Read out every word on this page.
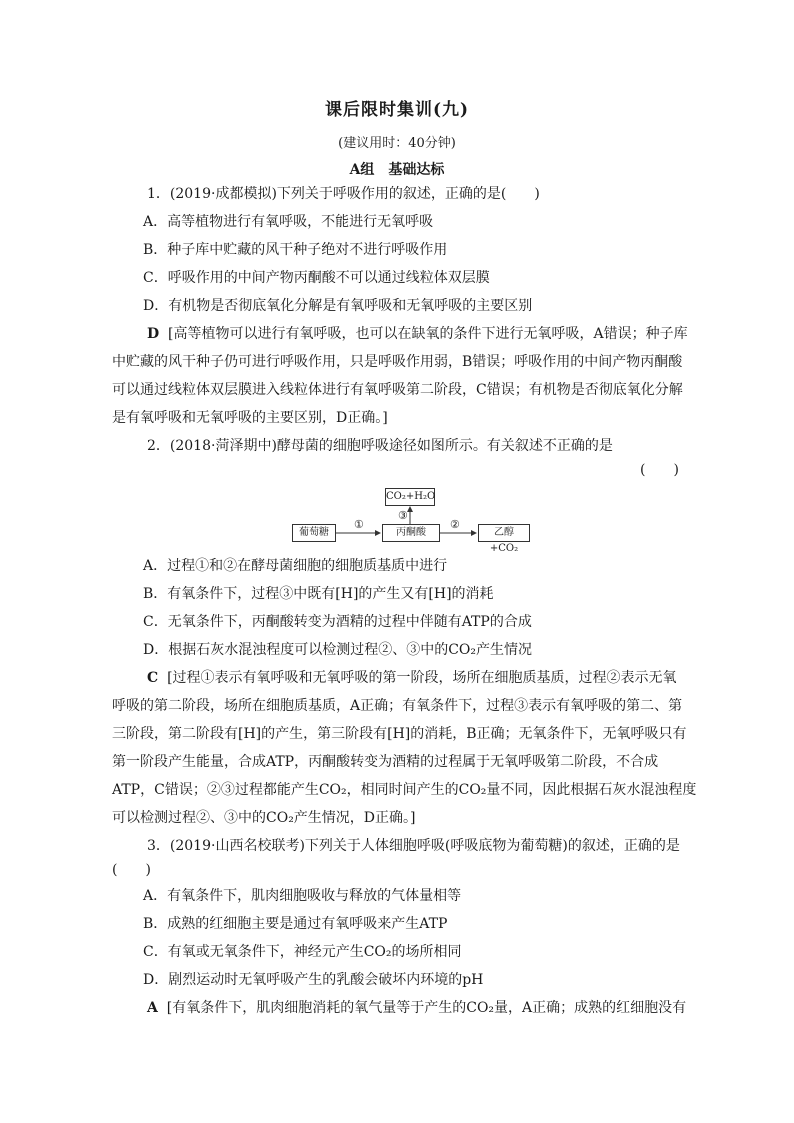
课后限时集训(九)
(建议用时：40分钟)
A组　基础达标
1．(2019·成都模拟)下列关于呼吸作用的叙述，正确的是(　　)
A．高等植物进行有氧呼吸，不能进行无氧呼吸
B．种子库中贮藏的风干种子绝对不进行呼吸作用
C．呼吸作用的中间产物丙酮酸不可以通过线粒体双层膜
D．有机物是否彻底氧化分解是有氧呼吸和无氧呼吸的主要区别
D [高等植物可以进行有氧呼吸，也可以在缺氧的条件下进行无氧呼吸，A错误；种子库
中贮藏的风干种子仍可进行呼吸作用，只是呼吸作用弱，B错误；呼吸作用的中间产物丙酮酸
可以通过线粒体双层膜进入线粒体进行有氧呼吸第二阶段，C错误；有机物是否彻底氧化分解
是有氧呼吸和无氧呼吸的主要区别，D正确。]
2．(2018·菏泽期中)酵母菌的细胞呼吸途径如图所示。有关叙述不正确的是
(　　)
CO₂+H₂O
葡萄糖	丙酮酸	乙醇 +CO₂
①	②
③
A．过程①和②在酵母菌细胞的细胞质基质中进行
B．有氧条件下，过程③中既有[H]的产生又有[H]的消耗
C．无氧条件下，丙酮酸转变为酒精的过程中伴随有ATP的合成
D．根据石灰水混浊程度可以检测过程②、③中的CO₂产生情况
C [过程①表示有氧呼吸和无氧呼吸的第一阶段，场所在细胞质基质，过程②表示无氧
呼吸的第二阶段，场所在细胞质基质，A正确；有氧条件下，过程③表示有氧呼吸的第二、第
三阶段，第二阶段有[H]的产生，第三阶段有[H]的消耗，B正确；无氧条件下，无氧呼吸只有
第一阶段产生能量，合成ATP，丙酮酸转变为酒精的过程属于无氧呼吸第二阶段，不合成
ATP，C错误；②③过程都能产生CO₂，相同时间产生的CO₂量不同，因此根据石灰水混浊程度
可以检测过程②、③中的CO₂产生情况，D正确。]
3．(2019·山西名校联考)下列关于人体细胞呼吸(呼吸底物为葡萄糖)的叙述，正确的是
(　　)
A．有氧条件下，肌肉细胞吸收与释放的气体量相等
B．成熟的红细胞主要是通过有氧呼吸来产生ATP
C．有氧或无氧条件下，神经元产生CO₂的场所相同
D．剧烈运动时无氧呼吸产生的乳酸会破坏内环境的pH
A [有氧条件下，肌肉细胞消耗的氧气量等于产生的CO₂量，A正确；成熟的红细胞没有
